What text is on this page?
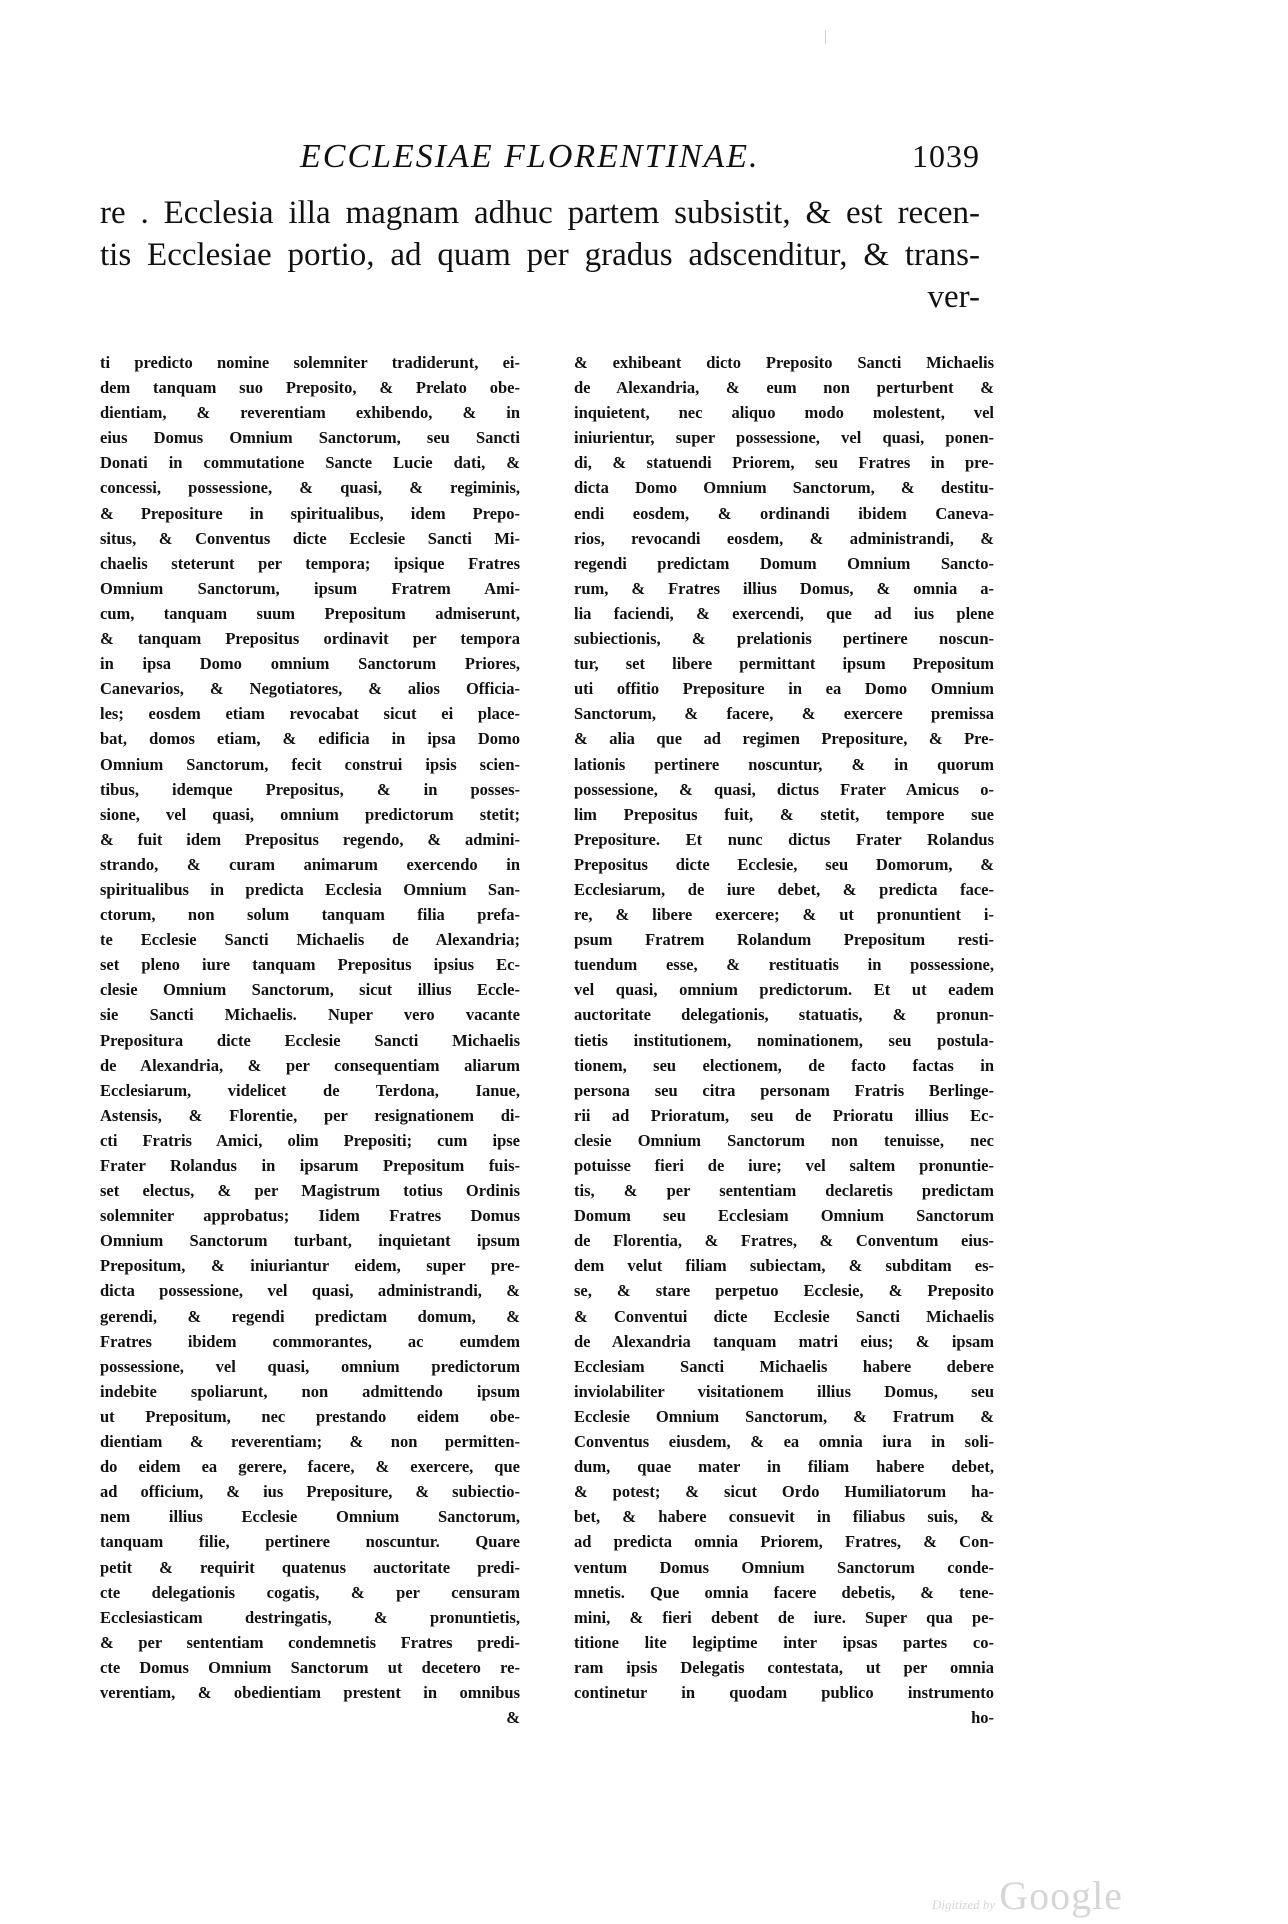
ECCLESIAE FLORENTINAE.	1039
re . Ecclesia illa magnam adhuc partem subsistit, & est recen-
tis Ecclesiae portio, ad quam per gradus adscenditur, & trans-
ver-
ti predicto nomine solemniter tradiderunt, ei-
dem tanquam suo Preposito, & Prelato obe-
dientiam, & reverentiam exhibendo, & in
eius Domus Omnium Sanctorum, seu Sancti
Donati in commutatione Sancte Lucie dati, &
concessi, possessione, & quasi, & regiminis,
& Prepositure in spiritualibus, idem Prepo-
situs, & Conventus dicte Ecclesie Sancti Mi-
chaelis steterunt per tempora; ipsique Fratres
Omnium Sanctorum, ipsum Fratrem Ami-
cum, tanquam suum Prepositum admiserunt,
& tanquam Prepositus ordinavit per tempora
in ipsa Domo omnium Sanctorum Priores,
Canevarios, & Negotiatores, & alios Officia-
les; eosdem etiam revocabat sicut ei place-
bat, domos etiam, & edificia in ipsa Domo
Omnium Sanctorum, fecit construi ipsis scien-
tibus, idemque Prepositus, & in posses-
sione, vel quasi, omnium predictorum stetit;
& fuit idem Prepositus regendo, & admini-
strando, & curam animarum exercendo in
spiritualibus in predicta Ecclesia Omnium San-
ctorum, non solum tanquam filia prefa-
te Ecclesie Sancti Michaelis de Alexandria;
set pleno iure tanquam Prepositus ipsius Ec-
clesie Omnium Sanctorum, sicut illius Eccle-
sie Sancti Michaelis. Nuper vero vacante
Prepositura dicte Ecclesie Sancti Michaelis
de Alexandria, & per consequentiam aliarum
Ecclesiarum, videlicet de Terdona, Ianue,
Astensis, & Florentie, per resignationem di-
cti Fratris Amici, olim Prepositi; cum ipse
Frater Rolandus in ipsarum Prepositum fuis-
set electus, & per Magistrum totius Ordinis
solemniter approbatus; Iidem Fratres Domus
Omnium Sanctorum turbant, inquietant ipsum
Prepositum, & iniuriantur eidem, super pre-
dicta possessione, vel quasi, administrandi, &
gerendi, & regendi predictam domum, &
Fratres ibidem commorantes, ac eumdem
possessione, vel quasi, omnium predictorum
indebite spoliarunt, non admittendo ipsum
ut Prepositum, nec prestando eidem obe-
dientiam & reverentiam; & non permitten-
do eidem ea gerere, facere, & exercere, que
ad officium, & ius Prepositure, & subiectio-
nem illius Ecclesie Omnium Sanctorum,
tanquam filie, pertinere noscuntur. Quare
petit & requirit quatenus auctoritate predi-
cte delegationis cogatis, & per censuram
Ecclesiasticam destringatis, & pronuntietis,
& per sententiam condemnetis Fratres predi-
cte Domus Omnium Sanctorum ut decetero re-
verentiam, & obedientiam prestent in omnibus
&
& exhibeant dicto Preposito Sancti Michaelis
de Alexandria, & eum non perturbent &
inquietent, nec aliquo modo molestent, vel
iniurientur, super possessione, vel quasi, ponen-
di, & statuendi Priorem, seu Fratres in pre-
dicta Domo Omnium Sanctorum, & destitu-
endi eosdem, & ordinandi ibidem Caneva-
rios, revocandi eosdem, & administrandi, &
regendi predictam Domum Omnium Sancto-
rum, & Fratres illius Domus, & omnia a-
lia faciendi, & exercendi, que ad ius plene
subiectionis, & prelationis pertinere noscun-
tur, set libere permittant ipsum Prepositum
uti offitio Prepositure in ea Domo Omnium
Sanctorum, & facere, & exercere premissa
& alia que ad regimen Prepositure, & Pre-
lationis pertinere noscuntur, & in quorum
possessione, & quasi, dictus Frater Amicus o-
lim Prepositus fuit, & stetit, tempore sue
Prepositure. Et nunc dictus Frater Rolandus
Prepositus dicte Ecclesie, seu Domorum, &
Ecclesiarum, de iure debet, & predicta face-
re, & libere exercere; & ut pronuntient i-
psum Fratrem Rolandum Prepositum resti-
tuendum esse, & restituatis in possessione,
vel quasi, omnium predictorum. Et ut eadem
auctoritate delegationis, statuatis, & pronun-
tietis institutionem, nominationem, seu postula-
tionem, seu electionem, de facto factas in
persona seu citra personam Fratris Berlinge-
rii ad Prioratum, seu de Prioratu illius Ec-
clesie Omnium Sanctorum non tenuisse, nec
potuisse fieri de iure; vel saltem pronuntie-
tis, & per sententiam declaretis predictam
Domum seu Ecclesiam Omnium Sanctorum
de Florentia, & Fratres, & Conventum eius-
dem velut filiam subiectam, & subditam es-
se, & stare perpetuo Ecclesie, & Preposito
& Conventui dicte Ecclesie Sancti Michaelis
de Alexandria tanquam matri eius; & ipsam
Ecclesiam Sancti Michaelis habere debere
inviolabiliter visitationem illius Domus, seu
Ecclesie Omnium Sanctorum, & Fratrum &
Conventus eiusdem, & ea omnia iura in soli-
dum, quae mater in filiam habere debet,
& potest; & sicut Ordo Humiliatorum ha-
bet, & habere consuevit in filiabus suis, &
ad predicta omnia Priorem, Fratres, & Con-
ventum Domus Omnium Sanctorum conde-
mnetis. Que omnia facere debetis, & tene-
mini, & fieri debent de iure. Super qua pe-
titione lite legiptime inter ipsas partes co-
ram ipsis Delegatis contestata, ut per omnia
continetur in quodam publico instrumento
ho-
Digitized by Google
